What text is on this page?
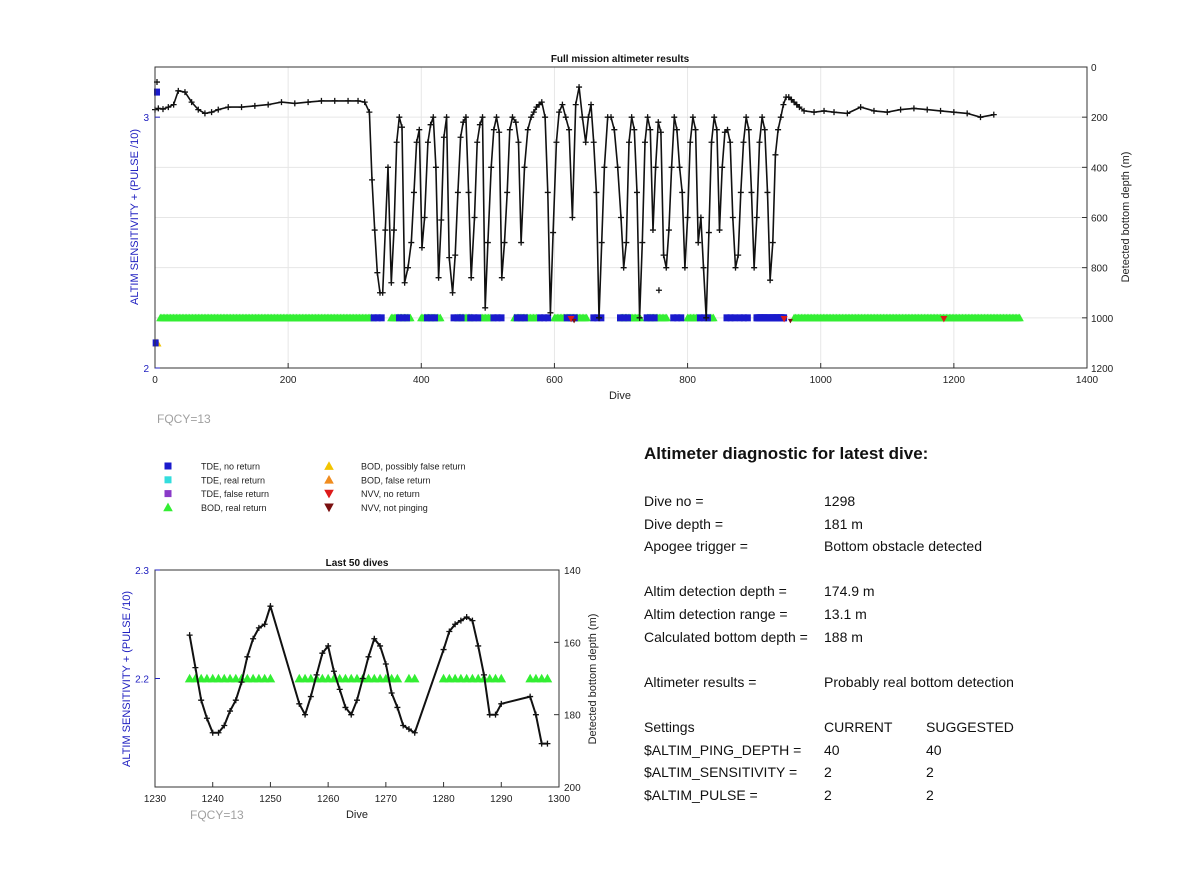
0	200	400	600	800	1000	1200	1400
2
3
0
200
400
600
800
1000
1200
Full mission altimeter results
Dive
ALTIM SENSITIVITY + (PULSE /10)	Detected bottom depth (m)
FQCY=13
TDE, no return
TDE, real return
TDE, false return
BOD, real return
BOD, possibly false return
BOD, false return
NVV, no return
NVV, not pinging
1230	1240	1250	1260	1270	1280	1290	1300
2.2
2.3	140
160
180
200
Last 50 dives
Dive
ALTIM SENSITIVITY + (PULSE /10)	Detected bottom depth (m)
FQCY=13
Altimeter diagnostic for latest dive:
Dive no =	1298
Dive depth =	181 m
Apogee trigger =	Bottom obstacle detected
Altim detection depth =	174.9 m
Altim detection range =	13.1 m
Calculated bottom depth =	188 m
Altimeter results =	Probably real bottom detection
Settings	CURRENT	SUGGESTED
$ALTIM_PING_DEPTH =	40	40
$ALTIM_SENSITIVITY =	2	2
$ALTIM_PULSE =	2	2
